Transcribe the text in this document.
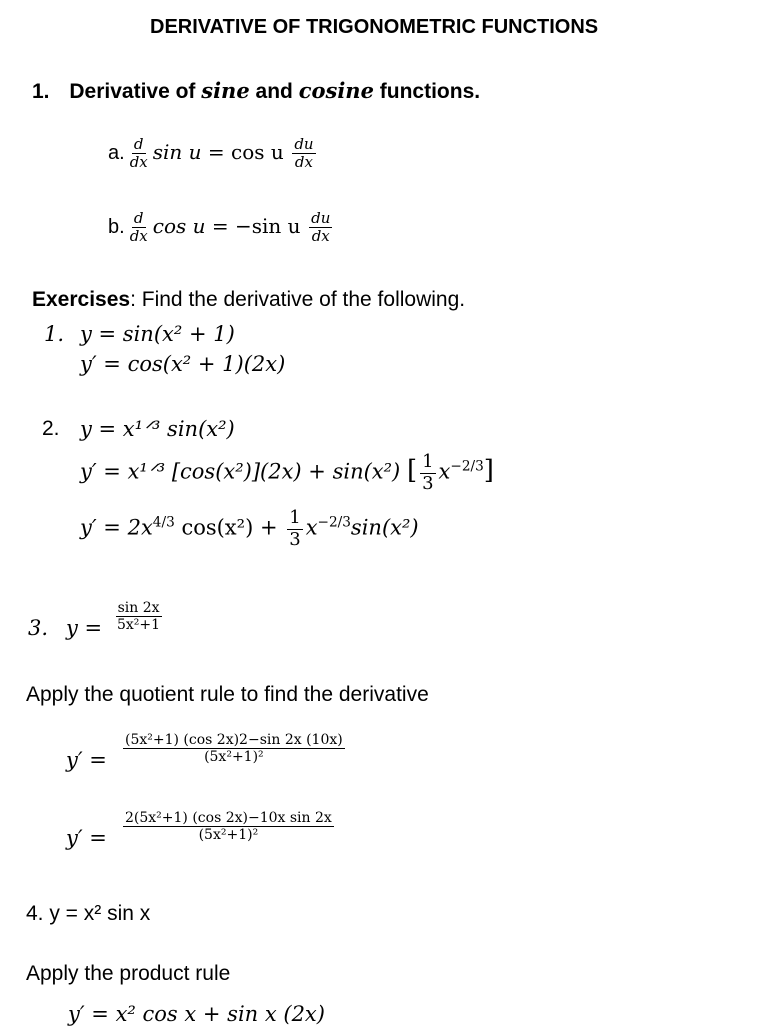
DERIVATIVE OF TRIGONOMETRIC FUNCTIONS
1. Derivative of sine and cosine functions.
a. $\frac{d}{dx}$ sin u = cos u $\frac{du}{dx}$
b. $\frac{d}{dx}$ cos u = −sin u $\frac{du}{dx}$
Exercises: Find the derivative of the following.
1. y = sin(x² + 1)
y′ = cos(x² + 1)(2x)
2. y = x¹ᐟ³ sin(x²)
y′ = x¹ᐟ³ [cos(x²)](2x) + sin(x²) [ $\frac{1}{3} x^{-2/3}$]
$y' = 2x^{4/3}$ $\cos(x^2) + \frac{1}{3} x^{-2/3}\sin(x^2)$
3. $y = \frac{\sin 2x}{\text{5x²+1}}$
Apply the quotient rule to find the derivative
$y' = \frac{\text{(5x²+1) (cos 2x)2−sin 2x (10x)}}{\text{(5x²+1)²}}$
$y' = \frac{\text{2(5x²+1) (cos 2x)−10x sin 2x}}{\text{(5x²+1)²}}$
4. y = x² sin x
Apply the product rule
y′ = x² cos x + sin x (2x)
